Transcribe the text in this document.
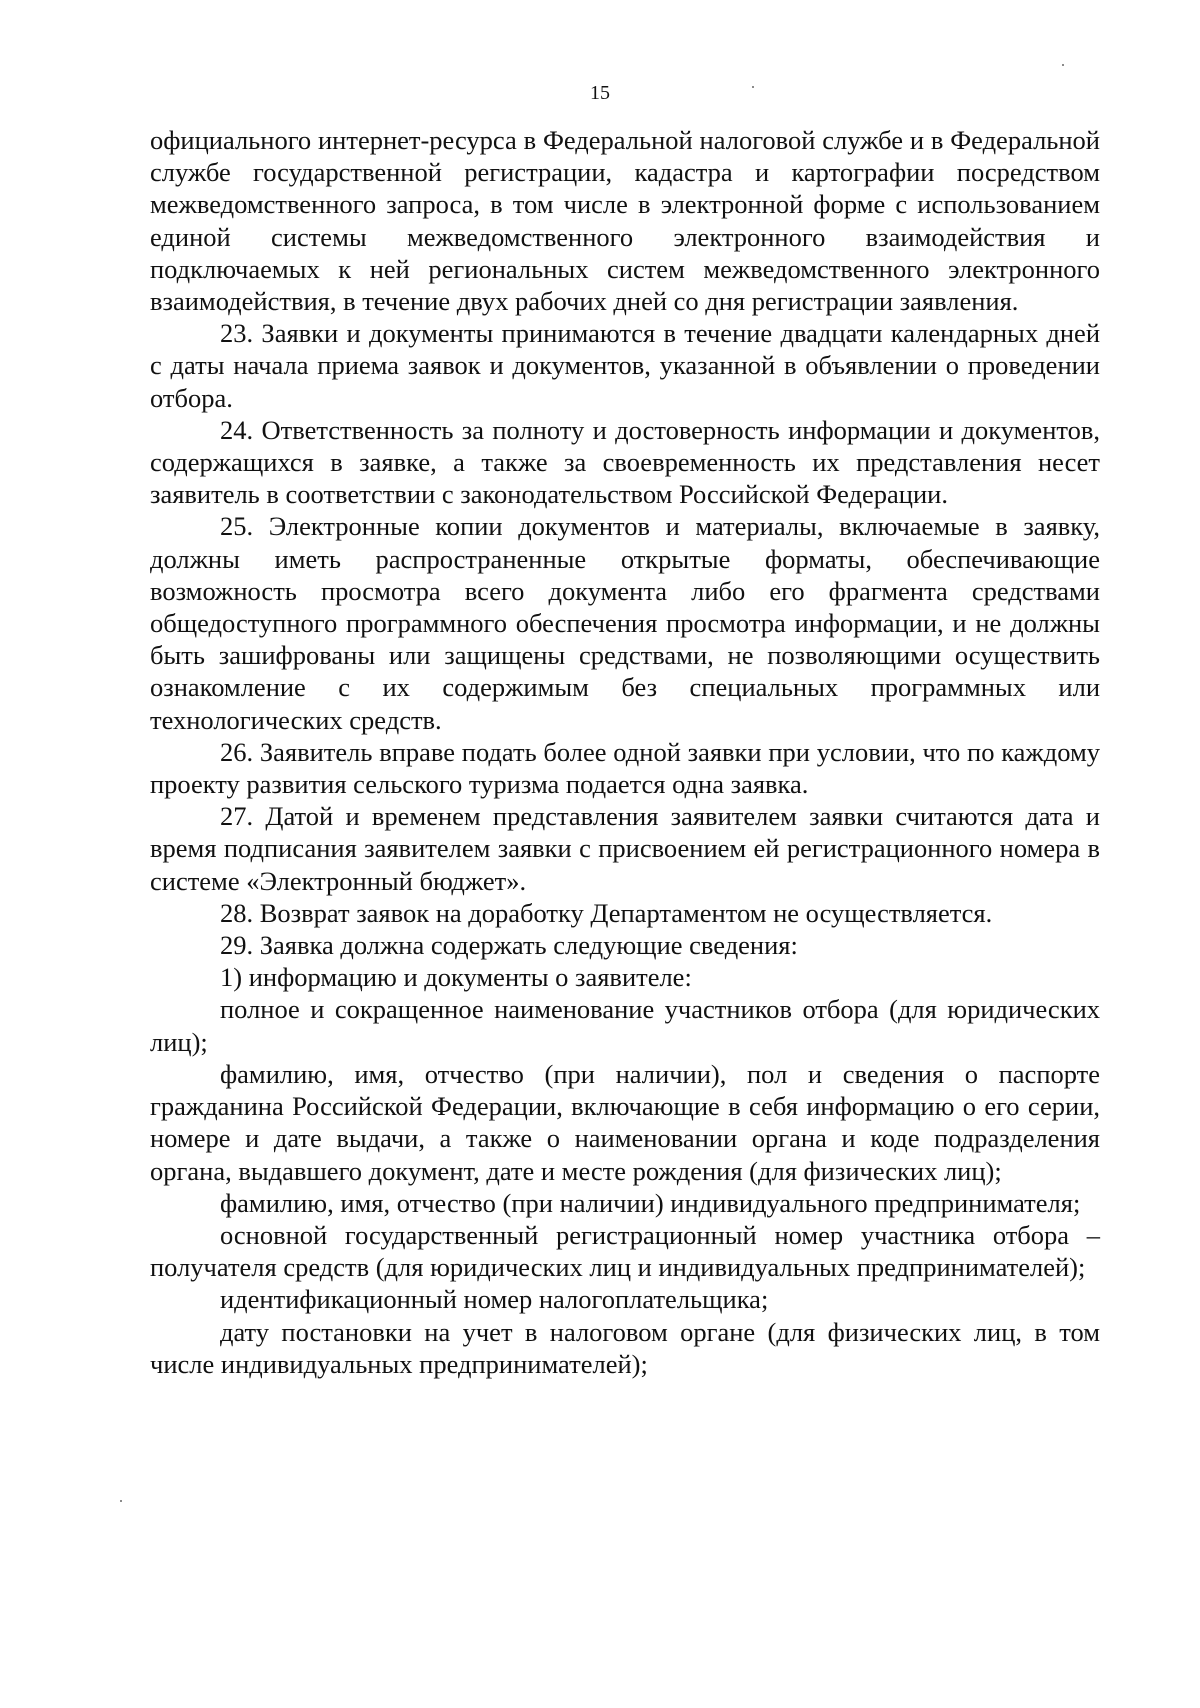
15

официального интернет-ресурса в Федеральной налоговой службе и в Федеральной службе государственной регистрации, кадастра и картографии посредством межведомственного запроса, в том числе в электронной форме с использованием единой системы межведомственного электронного взаимодействия и подключаемых к ней региональных систем межведомственного электронного взаимодействия, в течение двух рабочих дней со дня регистрации заявления.

23. Заявки и документы принимаются в течение двадцати календарных дней с даты начала приема заявок и документов, указанной в объявлении о проведении отбора.

24. Ответственность за полноту и достоверность информации и документов, содержащихся в заявке, а также за своевременность их представления несет заявитель в соответствии с законодательством Российской Федерации.

25. Электронные копии документов и материалы, включаемые в заявку, должны иметь распространенные открытые форматы, обеспечивающие возможность просмотра всего документа либо его фрагмента средствами общедоступного программного обеспечения просмотра информации, и не должны быть зашифрованы или защищены средствами, не позволяющими осуществить ознакомление с их содержимым без специальных программных или технологических средств.

26. Заявитель вправе подать более одной заявки при условии, что по каждому проекту развития сельского туризма подается одна заявка.

27. Датой и временем представления заявителем заявки считаются дата и время подписания заявителем заявки с присвоением ей регистрационного номера в системе «Электронный бюджет».

28. Возврат заявок на доработку Департаментом не осуществляется.

29. Заявка должна содержать следующие сведения:

1) информацию и документы о заявителе:

полное и сокращенное наименование участников отбора (для юридических лиц);

фамилию, имя, отчество (при наличии), пол и сведения о паспорте гражданина Российской Федерации, включающие в себя информацию о его серии, номере и дате выдачи, а также о наименовании органа и коде подразделения органа, выдавшего документ, дате и месте рождения (для физических лиц);

фамилию, имя, отчество (при наличии) индивидуального предпринимателя;

основной государственный регистрационный номер участника отбора – получателя средств (для юридических лиц и индивидуальных предпринимателей);

идентификационный номер налогоплательщика;

дату постановки на учет в налоговом органе (для физических лиц, в том числе индивидуальных предпринимателей);
